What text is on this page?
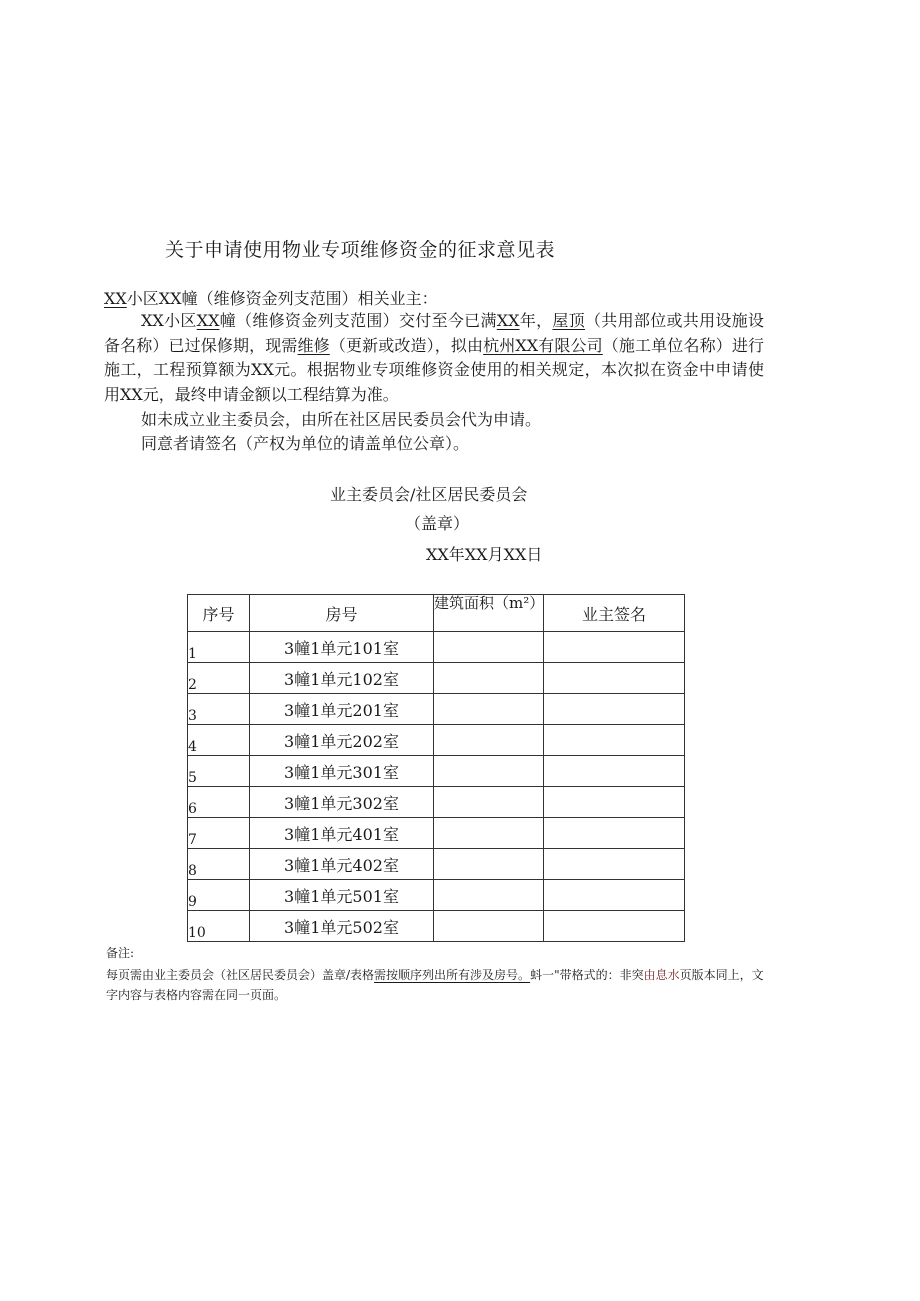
关于申请使用物业专项维修资金的征求意见表
XX小区XX幢（维修资金列支范围）相关业主：
XX小区XX幢（维修资金列支范围）交付至今已满XX年，屋顶（共用部位或共用设施设备名称）已过保修期，现需维修（更新或改造），拟由杭州XX有限公司（施工单位名称）进行施工，工程预算额为XX元。根据物业专项维修资金使用的相关规定，本次拟在资金中申请使用XX元，最终申请金额以工程结算为准。
如未成立业主委员会，由所在社区居民委员会代为申请。
同意者请签名（产权为单位的请盖单位公章）。
业主委员会/社区居民委员会
（盖章）
XX年XX月XX日
序号	房号	建筑面积（m²）	业主签名
1	3幢1单元101室		
2	3幢1单元102室		
3	3幢1单元201室		
4	3幢1单元202室		
5	3幢1单元301室		
6	3幢1单元302室		
7	3幢1单元401室		
8	3幢1单元402室		
9	3幢1单元501室		
10	3幢1单元502室		
备注:
每页需由业主委员会（社区居民委员会）盖章/表格需按顺序列出所有涉及房号。蚪一"带格式的：非突由息水页版本同上，文字内容与表格内容需在同一页面。
